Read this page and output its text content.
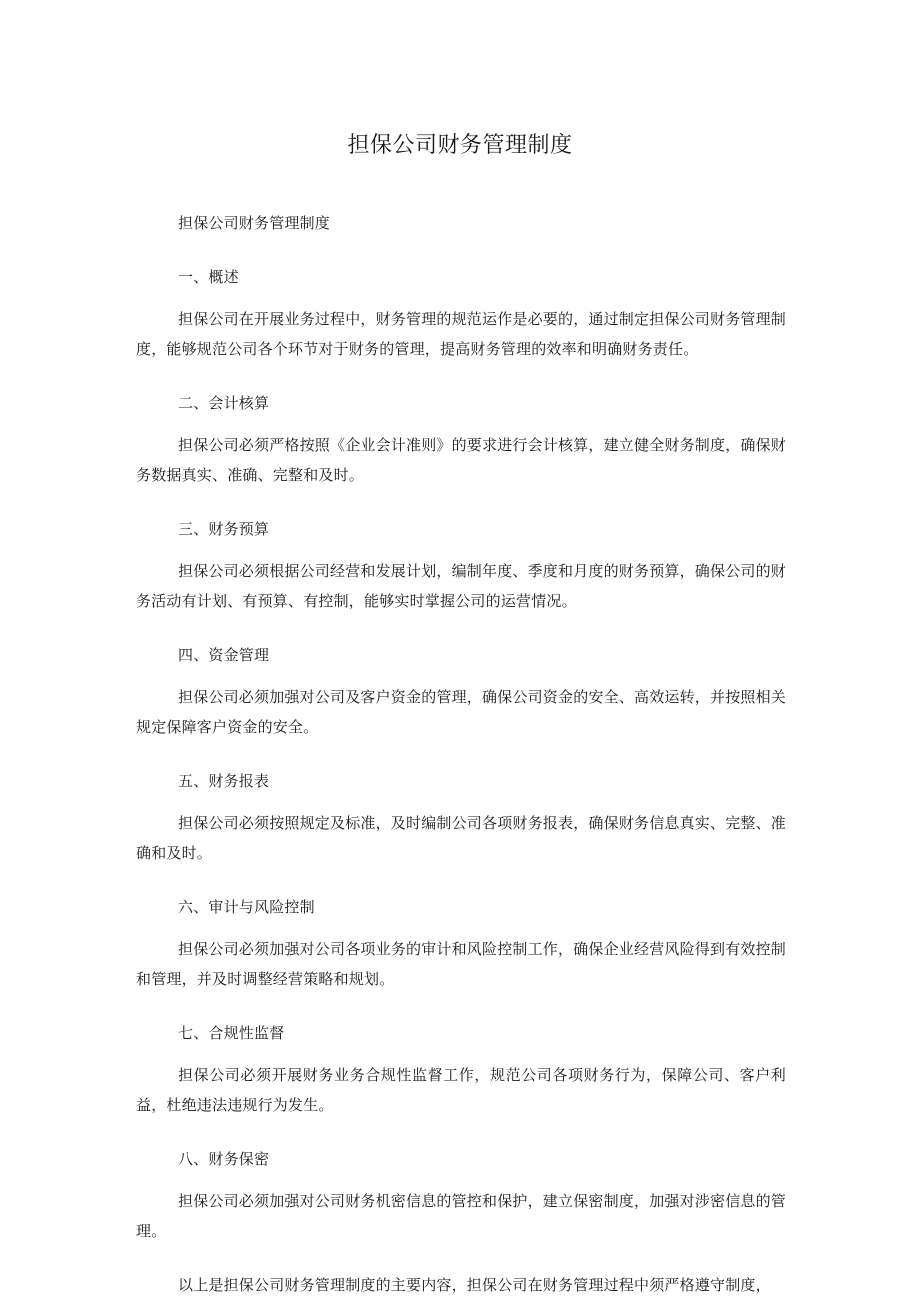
担保公司财务管理制度

担保公司财务管理制度

一、概述

担保公司在开展业务过程中，财务管理的规范运作是必要的，通过制定担保公司财务管理制度，能够规范公司各个环节对于财务的管理，提高财务管理的效率和明确财务责任。

二、会计核算

担保公司必须严格按照《企业会计准则》的要求进行会计核算，建立健全财务制度，确保财务数据真实、准确、完整和及时。

三、财务预算

担保公司必须根据公司经营和发展计划，编制年度、季度和月度的财务预算，确保公司的财务活动有计划、有预算、有控制，能够实时掌握公司的运营情况。

四、资金管理

担保公司必须加强对公司及客户资金的管理，确保公司资金的安全、高效运转，并按照相关规定保障客户资金的安全。

五、财务报表

担保公司必须按照规定及标准，及时编制公司各项财务报表，确保财务信息真实、完整、准确和及时。

六、审计与风险控制

担保公司必须加强对公司各项业务的审计和风险控制工作，确保企业经营风险得到有效控制和管理，并及时调整经营策略和规划。

七、合规性监督

担保公司必须开展财务业务合规性监督工作，规范公司各项财务行为，保障公司、客户利益，杜绝违法违规行为发生。

八、财务保密

担保公司必须加强对公司财务机密信息的管控和保护，建立保密制度，加强对涉密信息的管理。

以上是担保公司财务管理制度的主要内容，担保公司在财务管理过程中须严格遵守制度，
